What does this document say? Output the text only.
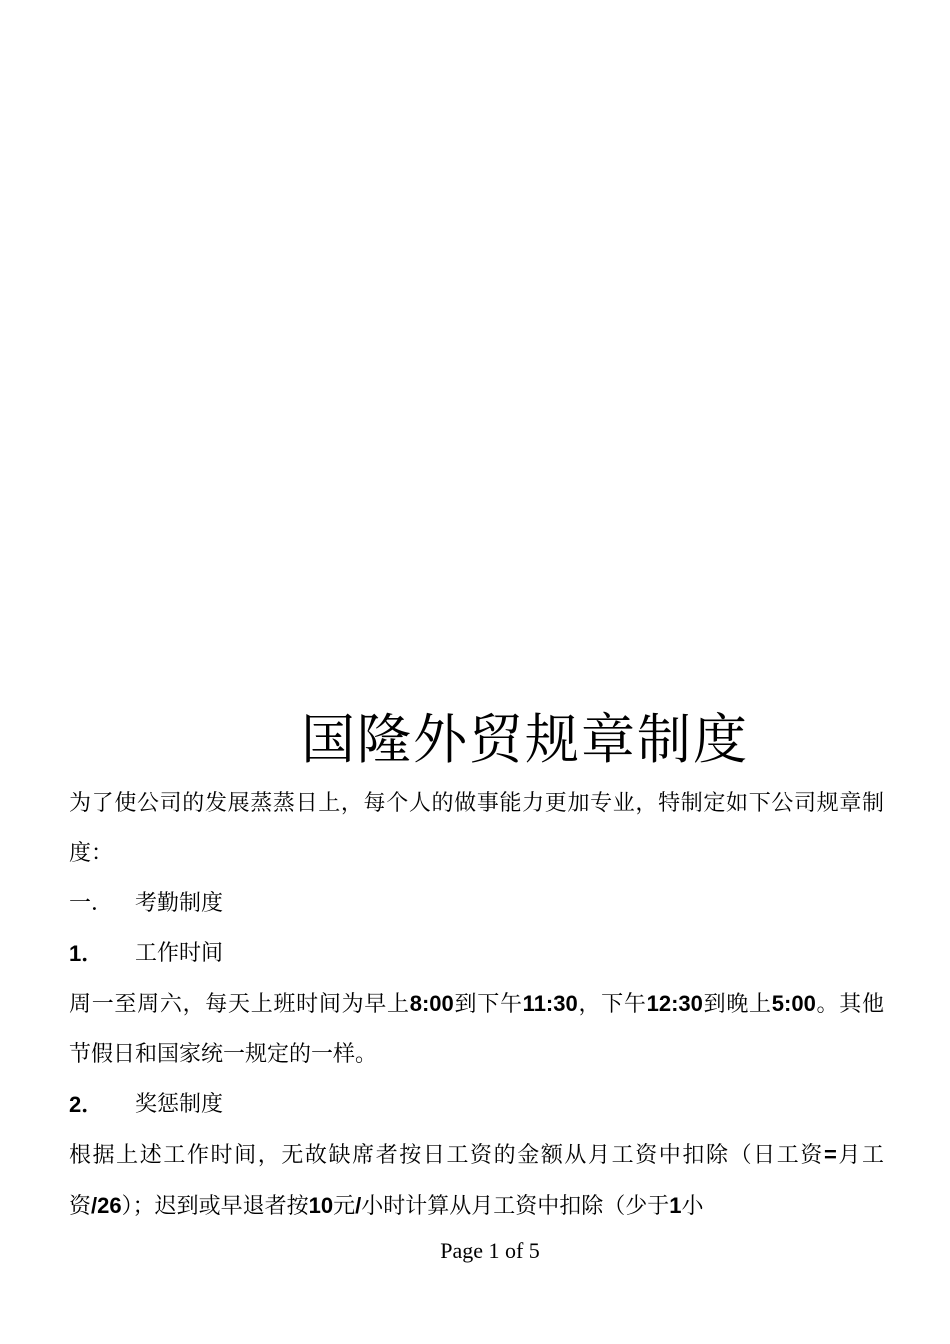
国隆外贸规章制度

为了使公司的发展蒸蒸日上，每个人的做事能力更加专业，特制定如下公司规章制度：

一． 考勤制度
1．	工作时间

周一至周六，每天上班时间为早上8:00到下午11:30，下午12:30到晚上5:00。其他节假日和国家统一规定的一样。

2．	奖惩制度

根据上述工作时间，无故缺席者按日工资的金额从月工资中扣除（日工资=月工资/26）；迟到或早退者按10元/小时计算从月工资中扣除（少于1小

Page 1 of 5
